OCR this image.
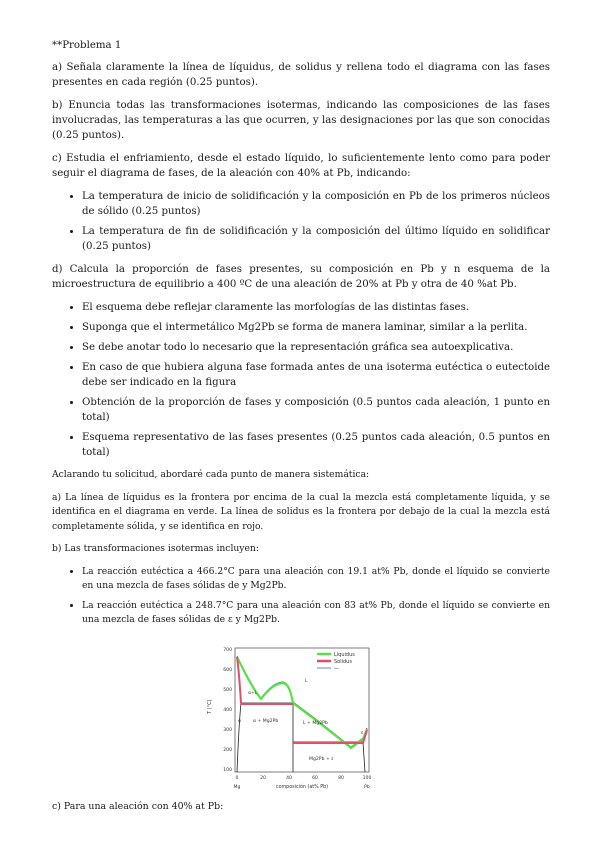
**Problema 1

a) Señala claramente la línea de líquidus, de solidus y rellena todo el diagrama con las fases presentes en cada región (0.25 puntos).

b) Enuncia todas las transformaciones isotermas, indicando las composiciones de las fases involucradas, las temperaturas a las que ocurren, y las designaciones por las que son conocidas (0.25 puntos).

c) Estudia el enfriamiento, desde el estado líquido, lo suficientemente lento como para poder seguir el diagrama de fases, de la aleación con 40% at Pb, indicando:

• La temperatura de inicio de solidificación y la composición en Pb de los primeros núcleos de sólido (0.25 puntos)
• La temperatura de fin de solidificación y la composición del último líquido en solidificar (0.25 puntos)

d) Calcula la proporción de fases presentes, su composición en Pb y n esquema de la microestructura de equilibrio a 400 ºC de una aleación de 20% at Pb y otra de 40 %at Pb.

• El esquema debe reflejar claramente las morfologías de las distintas fases.
• Suponga que el intermetálico Mg2Pb se forma de manera laminar, similar a la perlita.
• Se debe anotar todo lo necesario que la representación gráfica sea autoexplicativa.
• En caso de que hubiera alguna fase formada antes de una isoterma eutéctica o eutectoide debe ser indicado en la figura
• Obtención de la proporción de fases y composición (0.5 puntos cada aleación, 1 punto en total)
• Esquema representativo de las fases presentes (0.25 puntos cada aleación, 0.5 puntos en total)

Aclarando tu solicitud, abordaré cada punto de manera sistemática:

a) La línea de líquidus es la frontera por encima de la cual la mezcla está completamente líquida, y se identifica en el diagrama en verde. La línea de solidus es la frontera por debajo de la cual la mezcla está completamente sólida, y se identifica en rojo.

b) Las transformaciones isotermas incluyen:

• La reacción eutéctica a 466.2°C para una aleación con 19.1 at% Pb, donde el líquido se convierte en una mezcla de fases sólidas de y Mg2Pb.
• La reacción eutéctica a 248.7°C para una aleación con 83 at% Pb, donde el líquido se convierte en una mezcla de fases sólidas de ε y Mg2Pb.
Líquidus
Solidus
—
700
600
500
400
300
200
100
T (°C)
0	20	40	60	80	100
Mg	Pb
composición (at% Pb)
L
α+L
α	α + Mg2Pb	L + Mg2Pb
Mg2Pb + ε
ε

c) Para una aleación con 40% at Pb:
